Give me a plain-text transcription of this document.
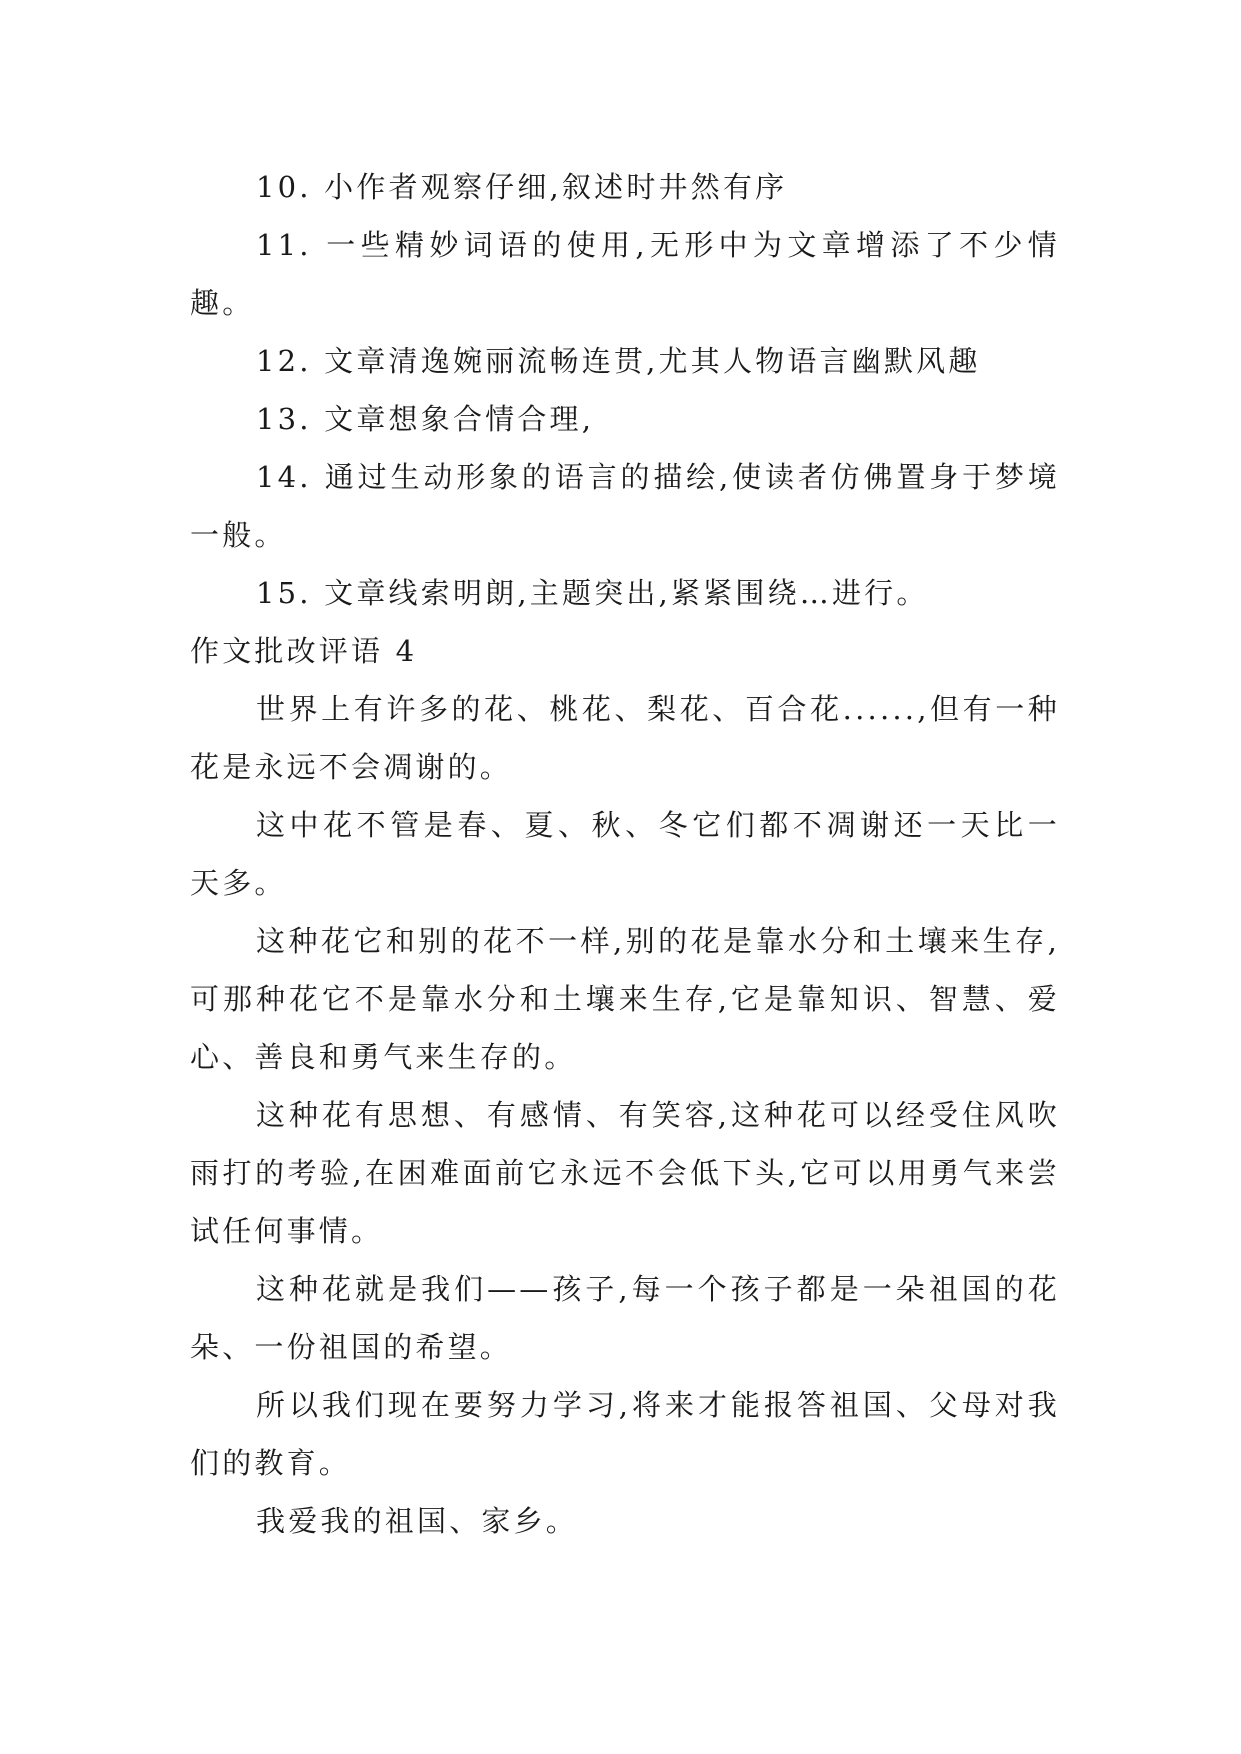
10. 小作者观察仔细,叙述时井然有序

11. 一些精妙词语的使用,无形中为文章增添了不少情趣。

12. 文章清逸婉丽流畅连贯,尤其人物语言幽默风趣

13. 文章想象合情合理,

14. 通过生动形象的语言的描绘,使读者仿佛置身于梦境一般。

15. 文章线索明朗,主题突出,紧紧围绕…进行。

作文批改评语 4

世界上有许多的花、桃花、梨花、百合花......,但有一种花是永远不会凋谢的。

这中花不管是春、夏、秋、冬它们都不凋谢还一天比一天多。

这种花它和别的花不一样,别的花是靠水分和土壤来生存,可那种花它不是靠水分和土壤来生存,它是靠知识、智慧、爱心、善良和勇气来生存的。

这种花有思想、有感情、有笑容,这种花可以经受住风吹雨打的考验,在困难面前它永远不会低下头,它可以用勇气来尝试任何事情。

这种花就是我们——孩子,每一个孩子都是一朵祖国的花朵、一份祖国的希望。

所以我们现在要努力学习,将来才能报答祖国、父母对我们的教育。

我爱我的祖国、家乡。
